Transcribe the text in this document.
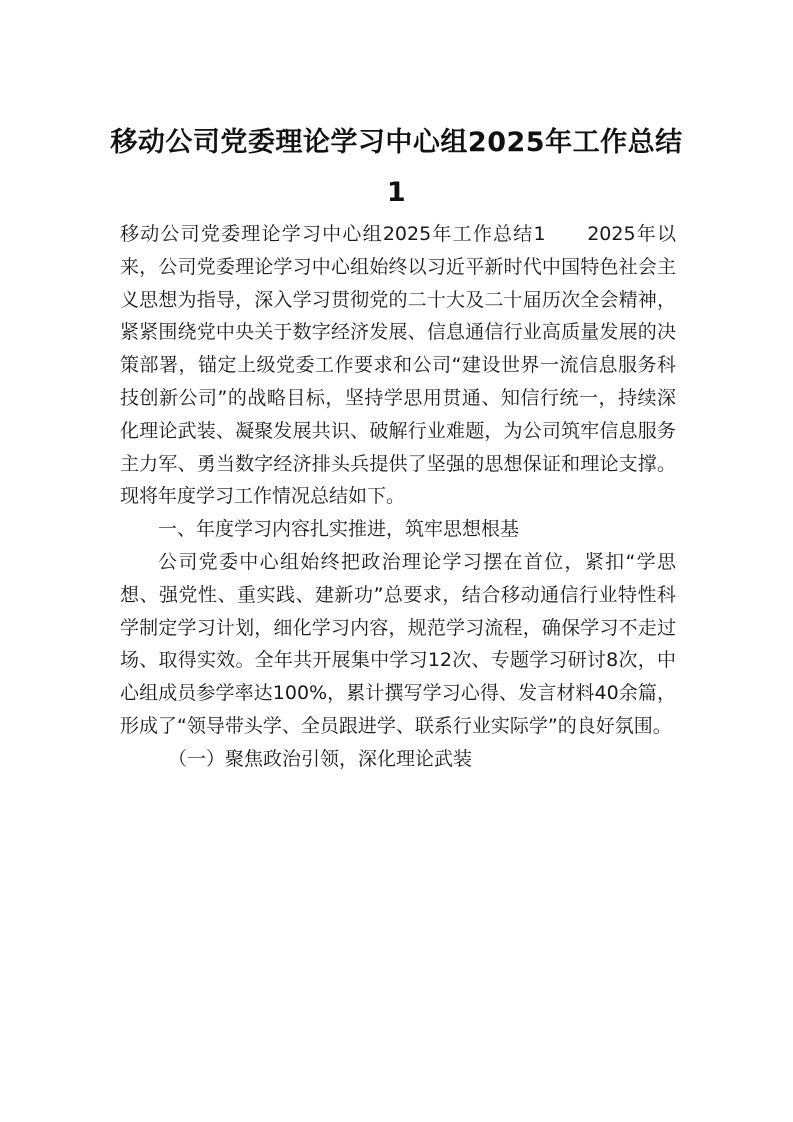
移动公司党委理论学习中心组2025年工作总结1

移动公司党委理论学习中心组2025年工作总结1　　2025年以来，公司党委理论学习中心组始终以习近平新时代中国特色社会主义思想为指导，深入学习贯彻党的二十大及二十届历次全会精神，紧紧围绕党中央关于数字经济发展、信息通信行业高质量发展的决策部署，锚定上级党委工作要求和公司“建设世界一流信息服务科技创新公司”的战略目标，坚持学思用贯通、知信行统一，持续深化理论武装、凝聚发展共识、破解行业难题，为公司筑牢信息服务主力军、勇当数字经济排头兵提供了坚强的思想保证和理论支撑。现将年度学习工作情况总结如下。

一、年度学习内容扎实推进，筑牢思想根基

公司党委中心组始终把政治理论学习摆在首位，紧扣“学思想、强党性、重实践、建新功”总要求，结合移动通信行业特性科学制定学习计划，细化学习内容，规范学习流程，确保学习不走过场、取得实效。全年共开展集中学习12次、专题学习研讨8次，中心组成员参学率达100%，累计撰写学习心得、发言材料40余篇，形成了“领导带头学、全员跟进学、联系行业实际学”的良好氛围。

（一）聚焦政治引领，深化理论武装
